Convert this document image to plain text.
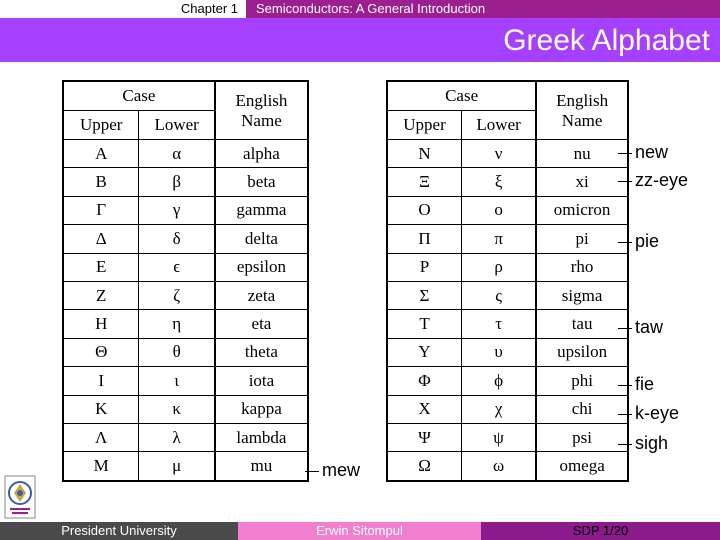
Chapter 1	Semiconductors: A General Introduction
Greek Alphabet
Case		English
Name
Upper	Lower	
Α	α	alpha
Β	β	beta
Γ	γ	gamma
Δ	δ	delta
Ε	ϵ	epsilon
Ζ	ζ	zeta
Η	η	eta
Θ	θ	theta
Ι	ι	iota
Κ	κ	kappa
Λ	λ	lambda
Μ	μ	mu
Case		English
Name
Upper	Lower	
Ν	ν	nu
Ξ	ξ	xi
Ο	ο	omicron
Π	π	pi
Ρ	ρ	rho
Σ	ς	sigma
Τ	τ	tau
Υ	υ	upsilon
Φ	ϕ	phi
Χ	χ	chi
Ψ	ψ	psi
Ω	ω	omega
new
zz-eye
pie
taw
fie
k-eye
sigh
mew
President University	Erwin Sitompul	SDP 1/20
